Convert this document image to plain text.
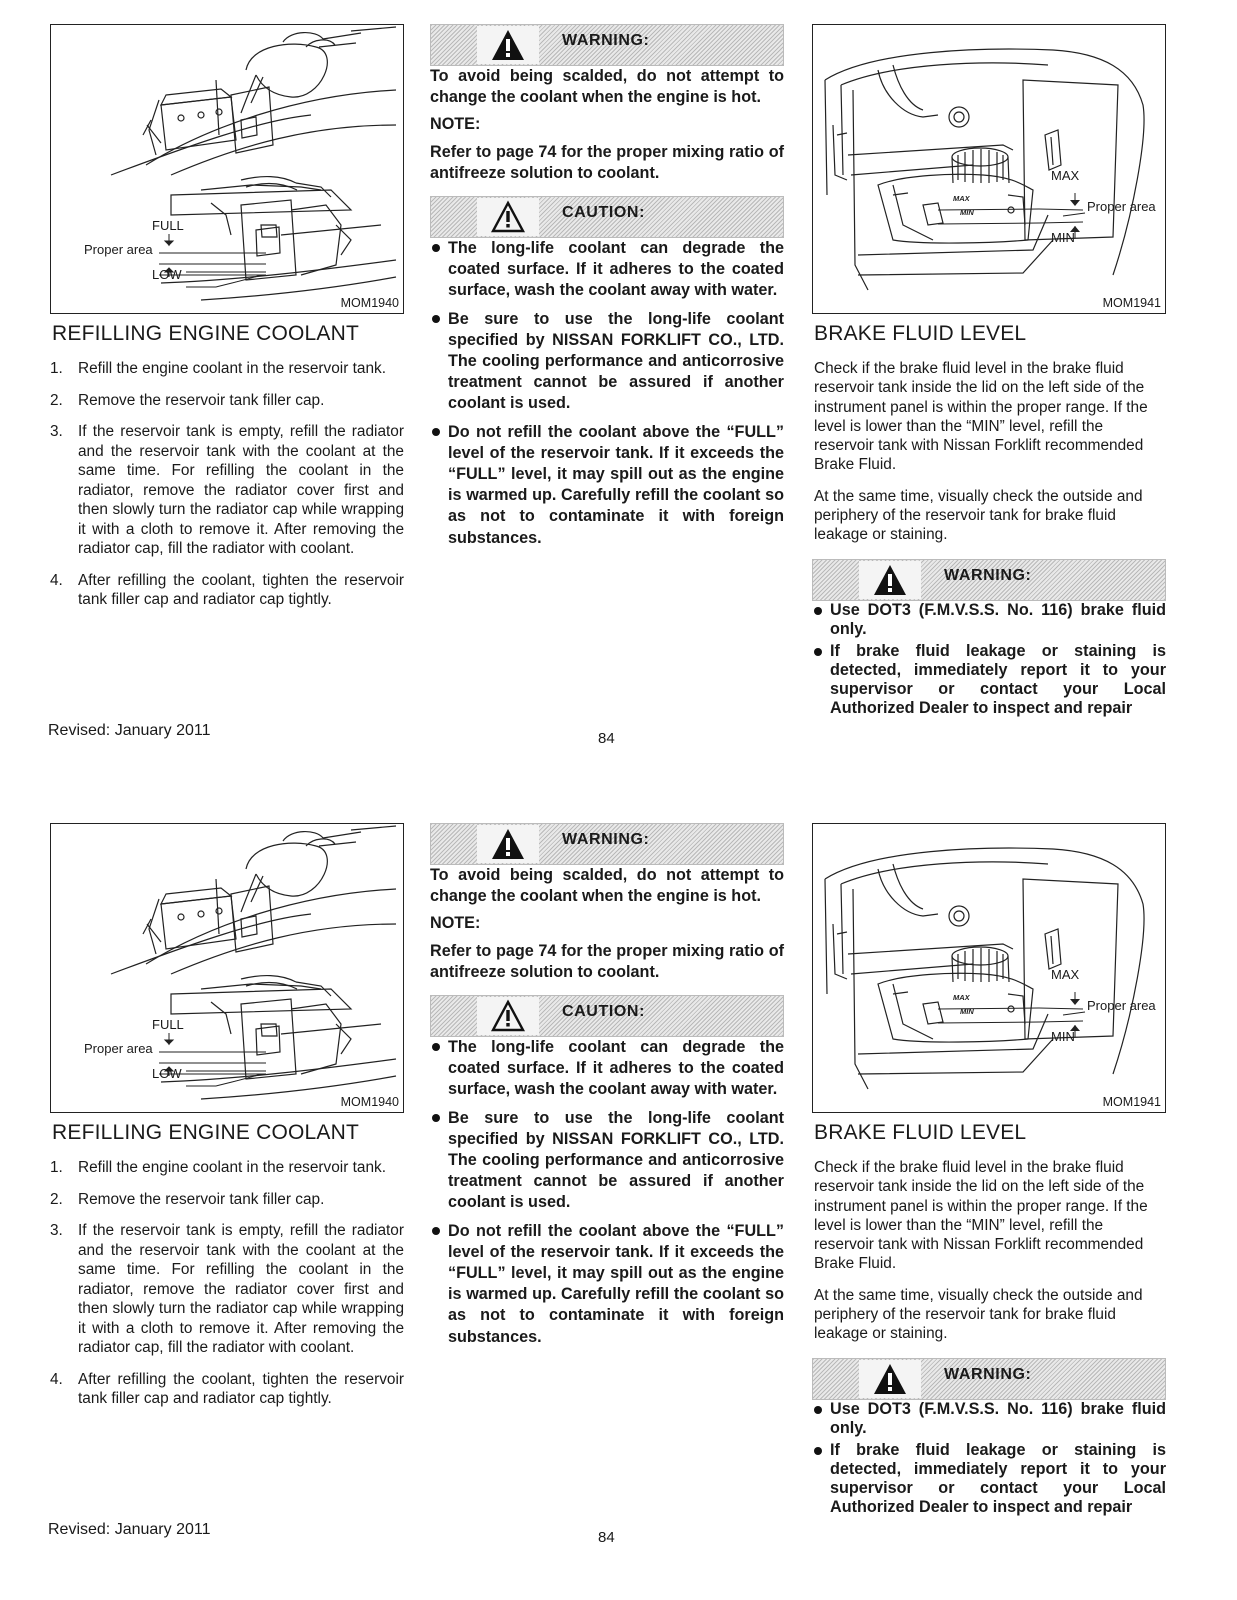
FULL
Proper area
LOW
MOM1940
REFILLING ENGINE COOLANT
1. Refill the engine coolant in the reservoir tank.
2. Remove the reservoir tank filler cap.
3. If the reservoir tank is empty, refill the radiator and the reservoir tank with the coolant at the same time. For refilling the coolant in the radiator, remove the radiator cover first and then slowly turn the radiator cap while wrapping it with a cloth to remove it. After removing the radiator cap, fill the radiator with coolant.
4. After refilling the coolant, tighten the reservoir tank filler cap and radiator cap tightly.
WARNING:

To avoid being scalded, do not attempt to change the coolant when the engine is hot.

NOTE:

Refer to page 74 for the proper mixing ratio of antifreeze solution to coolant.

CAUTION:
The long-life coolant can degrade the coated surface. If it adheres to the coated surface, wash the coolant away with water.
Be sure to use the long-life coolant specified by NISSAN FORKLIFT CO., LTD. The cooling performance and anticorrosive treatment cannot be assured if another coolant is used.
Do not refill the coolant above the “FULL” level of the reservoir tank. If it exceeds the “FULL” level, it may spill out as the engine is warmed up. Carefully refill the coolant so as not to contaminate it with foreign substances.
MAX
MIN
MAX
Proper area
MIN
MOM1941
BRAKE FLUID LEVEL

Check if the brake fluid level in the brake fluid reservoir tank inside the lid on the left side of the instrument panel is within the proper range. If the level is lower than the “MIN” level, refill the reservoir tank with Nissan Forklift recommended Brake Fluid.

At the same time, visually check the outside and periphery of the reservoir tank for brake fluid leakage or staining.

WARNING:
Use DOT3 (F.M.V.S.S. No. 116) brake fluid only.
If brake fluid leakage or staining is detected, immediately report it to your supervisor or contact your Local Authorized Dealer to inspect and repair
Revised: January 2011	84
FULL
Proper area
LOW
MOM1940
REFILLING ENGINE COOLANT
1. Refill the engine coolant in the reservoir tank.
2. Remove the reservoir tank filler cap.
3. If the reservoir tank is empty, refill the radiator and the reservoir tank with the coolant at the same time. For refilling the coolant in the radiator, remove the radiator cover first and then slowly turn the radiator cap while wrapping it with a cloth to remove it. After removing the radiator cap, fill the radiator with coolant.
4. After refilling the coolant, tighten the reservoir tank filler cap and radiator cap tightly.
WARNING:

To avoid being scalded, do not attempt to change the coolant when the engine is hot.

NOTE:

Refer to page 74 for the proper mixing ratio of antifreeze solution to coolant.

CAUTION:
The long-life coolant can degrade the coated surface. If it adheres to the coated surface, wash the coolant away with water.
Be sure to use the long-life coolant specified by NISSAN FORKLIFT CO., LTD. The cooling performance and anticorrosive treatment cannot be assured if another coolant is used.
Do not refill the coolant above the “FULL” level of the reservoir tank. If it exceeds the “FULL” level, it may spill out as the engine is warmed up. Carefully refill the coolant so as not to contaminate it with foreign substances.
MAX
MIN
MAX
Proper area
MIN
MOM1941
BRAKE FLUID LEVEL

Check if the brake fluid level in the brake fluid reservoir tank inside the lid on the left side of the instrument panel is within the proper range. If the level is lower than the “MIN” level, refill the reservoir tank with Nissan Forklift recommended Brake Fluid.

At the same time, visually check the outside and periphery of the reservoir tank for brake fluid leakage or staining.

WARNING:
Use DOT3 (F.M.V.S.S. No. 116) brake fluid only.
If brake fluid leakage or staining is detected, immediately report it to your supervisor or contact your Local Authorized Dealer to inspect and repair
Revised: January 2011	84
